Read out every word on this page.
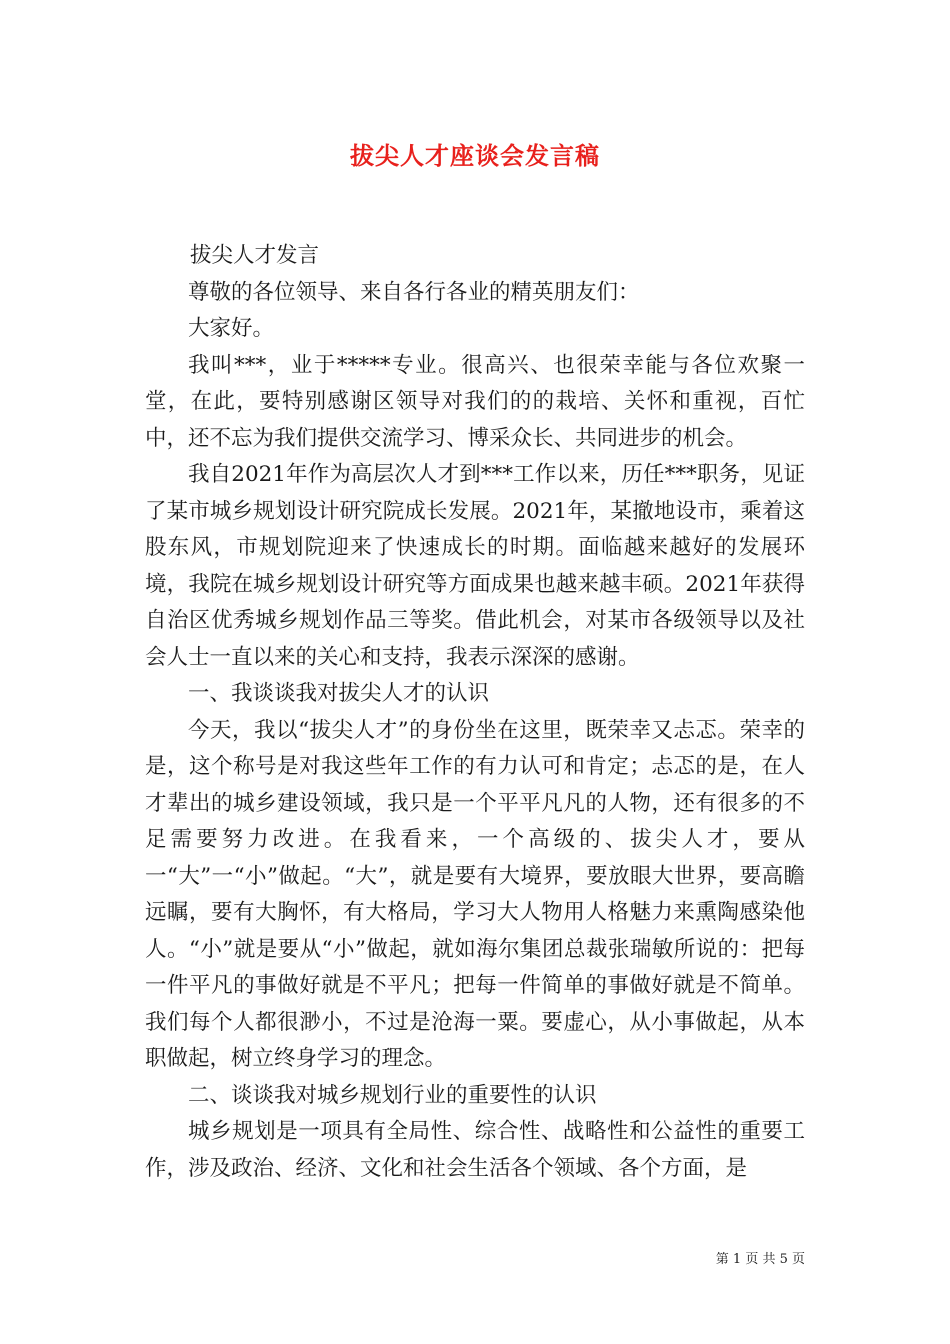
拔尖人才座谈会发言稿

拔尖人才发言

尊敬的各位领导、来自各行各业的精英朋友们：

大家好。

我叫***，业于*****专业。很高兴、也很荣幸能与各位欢聚一堂，在此，要特别感谢区领导对我们的的栽培、关怀和重视，百忙中，还不忘为我们提供交流学习、博采众长、共同进步的机会。

我自2021年作为高层次人才到***工作以来，历任***职务，见证了某市城乡规划设计研究院成长发展。2021年，某撤地设市，乘着这股东风，市规划院迎来了快速成长的时期。面临越来越好的发展环境，我院在城乡规划设计研究等方面成果也越来越丰硕。2021年获得自治区优秀城乡规划作品三等奖。借此机会，对某市各级领导以及社会人士一直以来的关心和支持，我表示深深的感谢。

一、我谈谈我对拔尖人才的认识

今天，我以“拔尖人才”的身份坐在这里，既荣幸又忐忑。荣幸的是，这个称号是对我这些年工作的有力认可和肯定；忐忑的是，在人才辈出的城乡建设领域，我只是一个平平凡凡的人物，还有很多的不足需要努力改进。在我看来，一个高级的、拔尖人才，要从一“大”一“小”做起。“大”，就是要有大境界，要放眼大世界，要高瞻远瞩，要有大胸怀，有大格局，学习大人物用人格魅力来熏陶感染他人。“小”就是要从“小”做起，就如海尔集团总裁张瑞敏所说的：把每一件平凡的事做好就是不平凡；把每一件简单的事做好就是不简单。我们每个人都很渺小，不过是沧海一粟。要虚心，从小事做起，从本职做起，树立终身学习的理念。

二、谈谈我对城乡规划行业的重要性的认识

城乡规划是一项具有全局性、综合性、战略性和公益性的重要工作，涉及政治、经济、文化和社会生活各个领域、各个方面，是

第 1 页 共 5 页
